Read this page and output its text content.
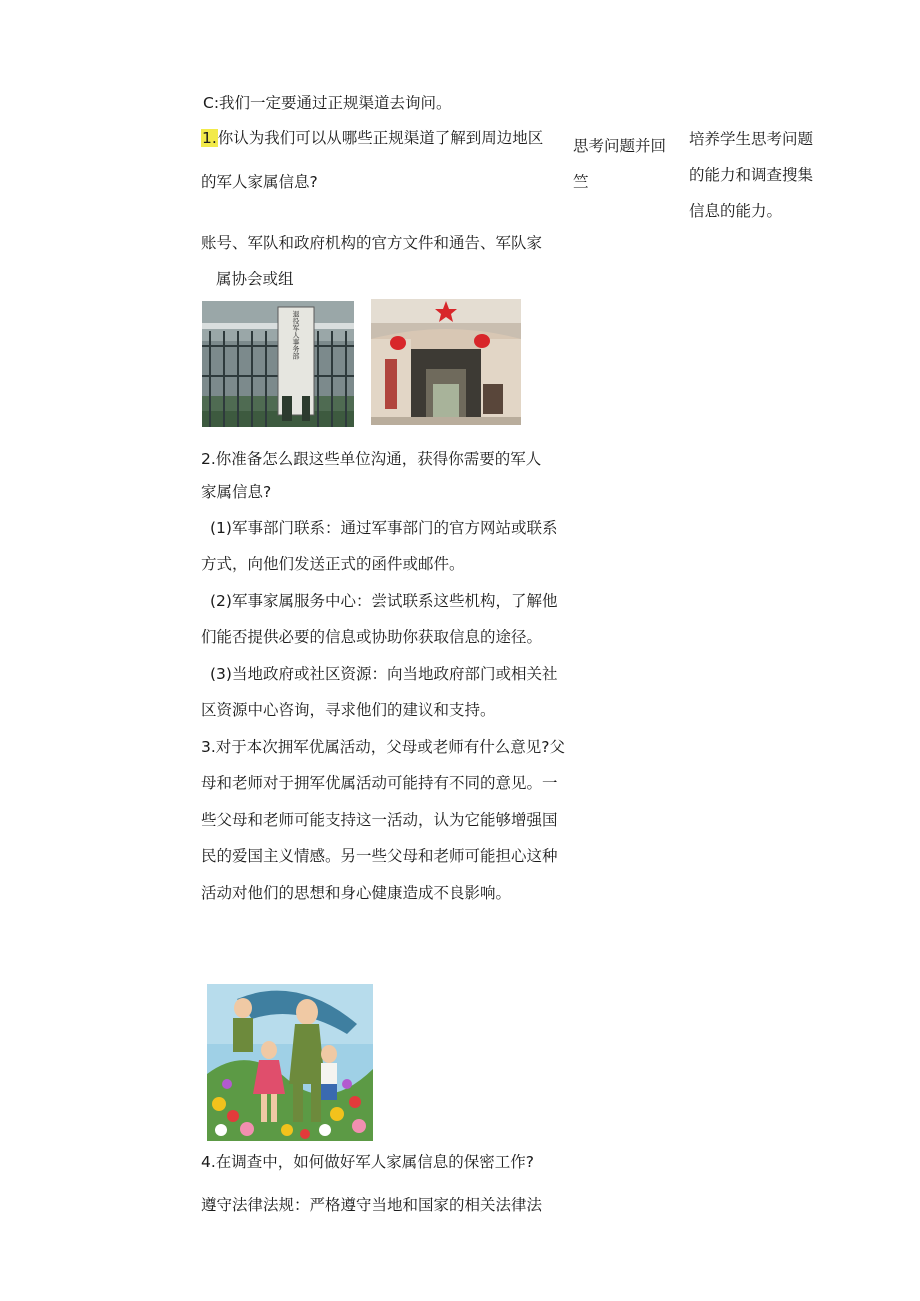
C:我们一定要通过正规渠道去询问。
1.你认为我们可以从哪些正规渠道了解到周边地区
的军人家属信息?
账号、军队和政府机构的官方文件和通告、军队家
属协会或组
退役军人事务部
2.你准备怎么跟这些单位沟通，获得你需要的军人
家属信息?
(1)军事部门联系：通过军事部门的官方网站或联系
方式，向他们发送正式的函件或邮件。
(2)军事家属服务中心：尝试联系这些机构，了解他
们能否提供必要的信息或协助你获取信息的途径。
(3)当地政府或社区资源：向当地政府部门或相关社
区资源中心咨询，寻求他们的建议和支持。
3.对于本次拥军优属活动，父母或老师有什么意见?父
母和老师对于拥军优属活动可能持有不同的意见。一
些父母和老师可能支持这一活动，认为它能够增强国
民的爱国主义情感。另一些父母和老师可能担心这种
活动对他们的思想和身心健康造成不良影响。
4.在调查中，如何做好军人家属信息的保密工作?
遵守法律法规：严格遵守当地和国家的相关法律法
思考问题并回
竺
培养学生思考问题
的能力和调查搜集
信息的能力。
